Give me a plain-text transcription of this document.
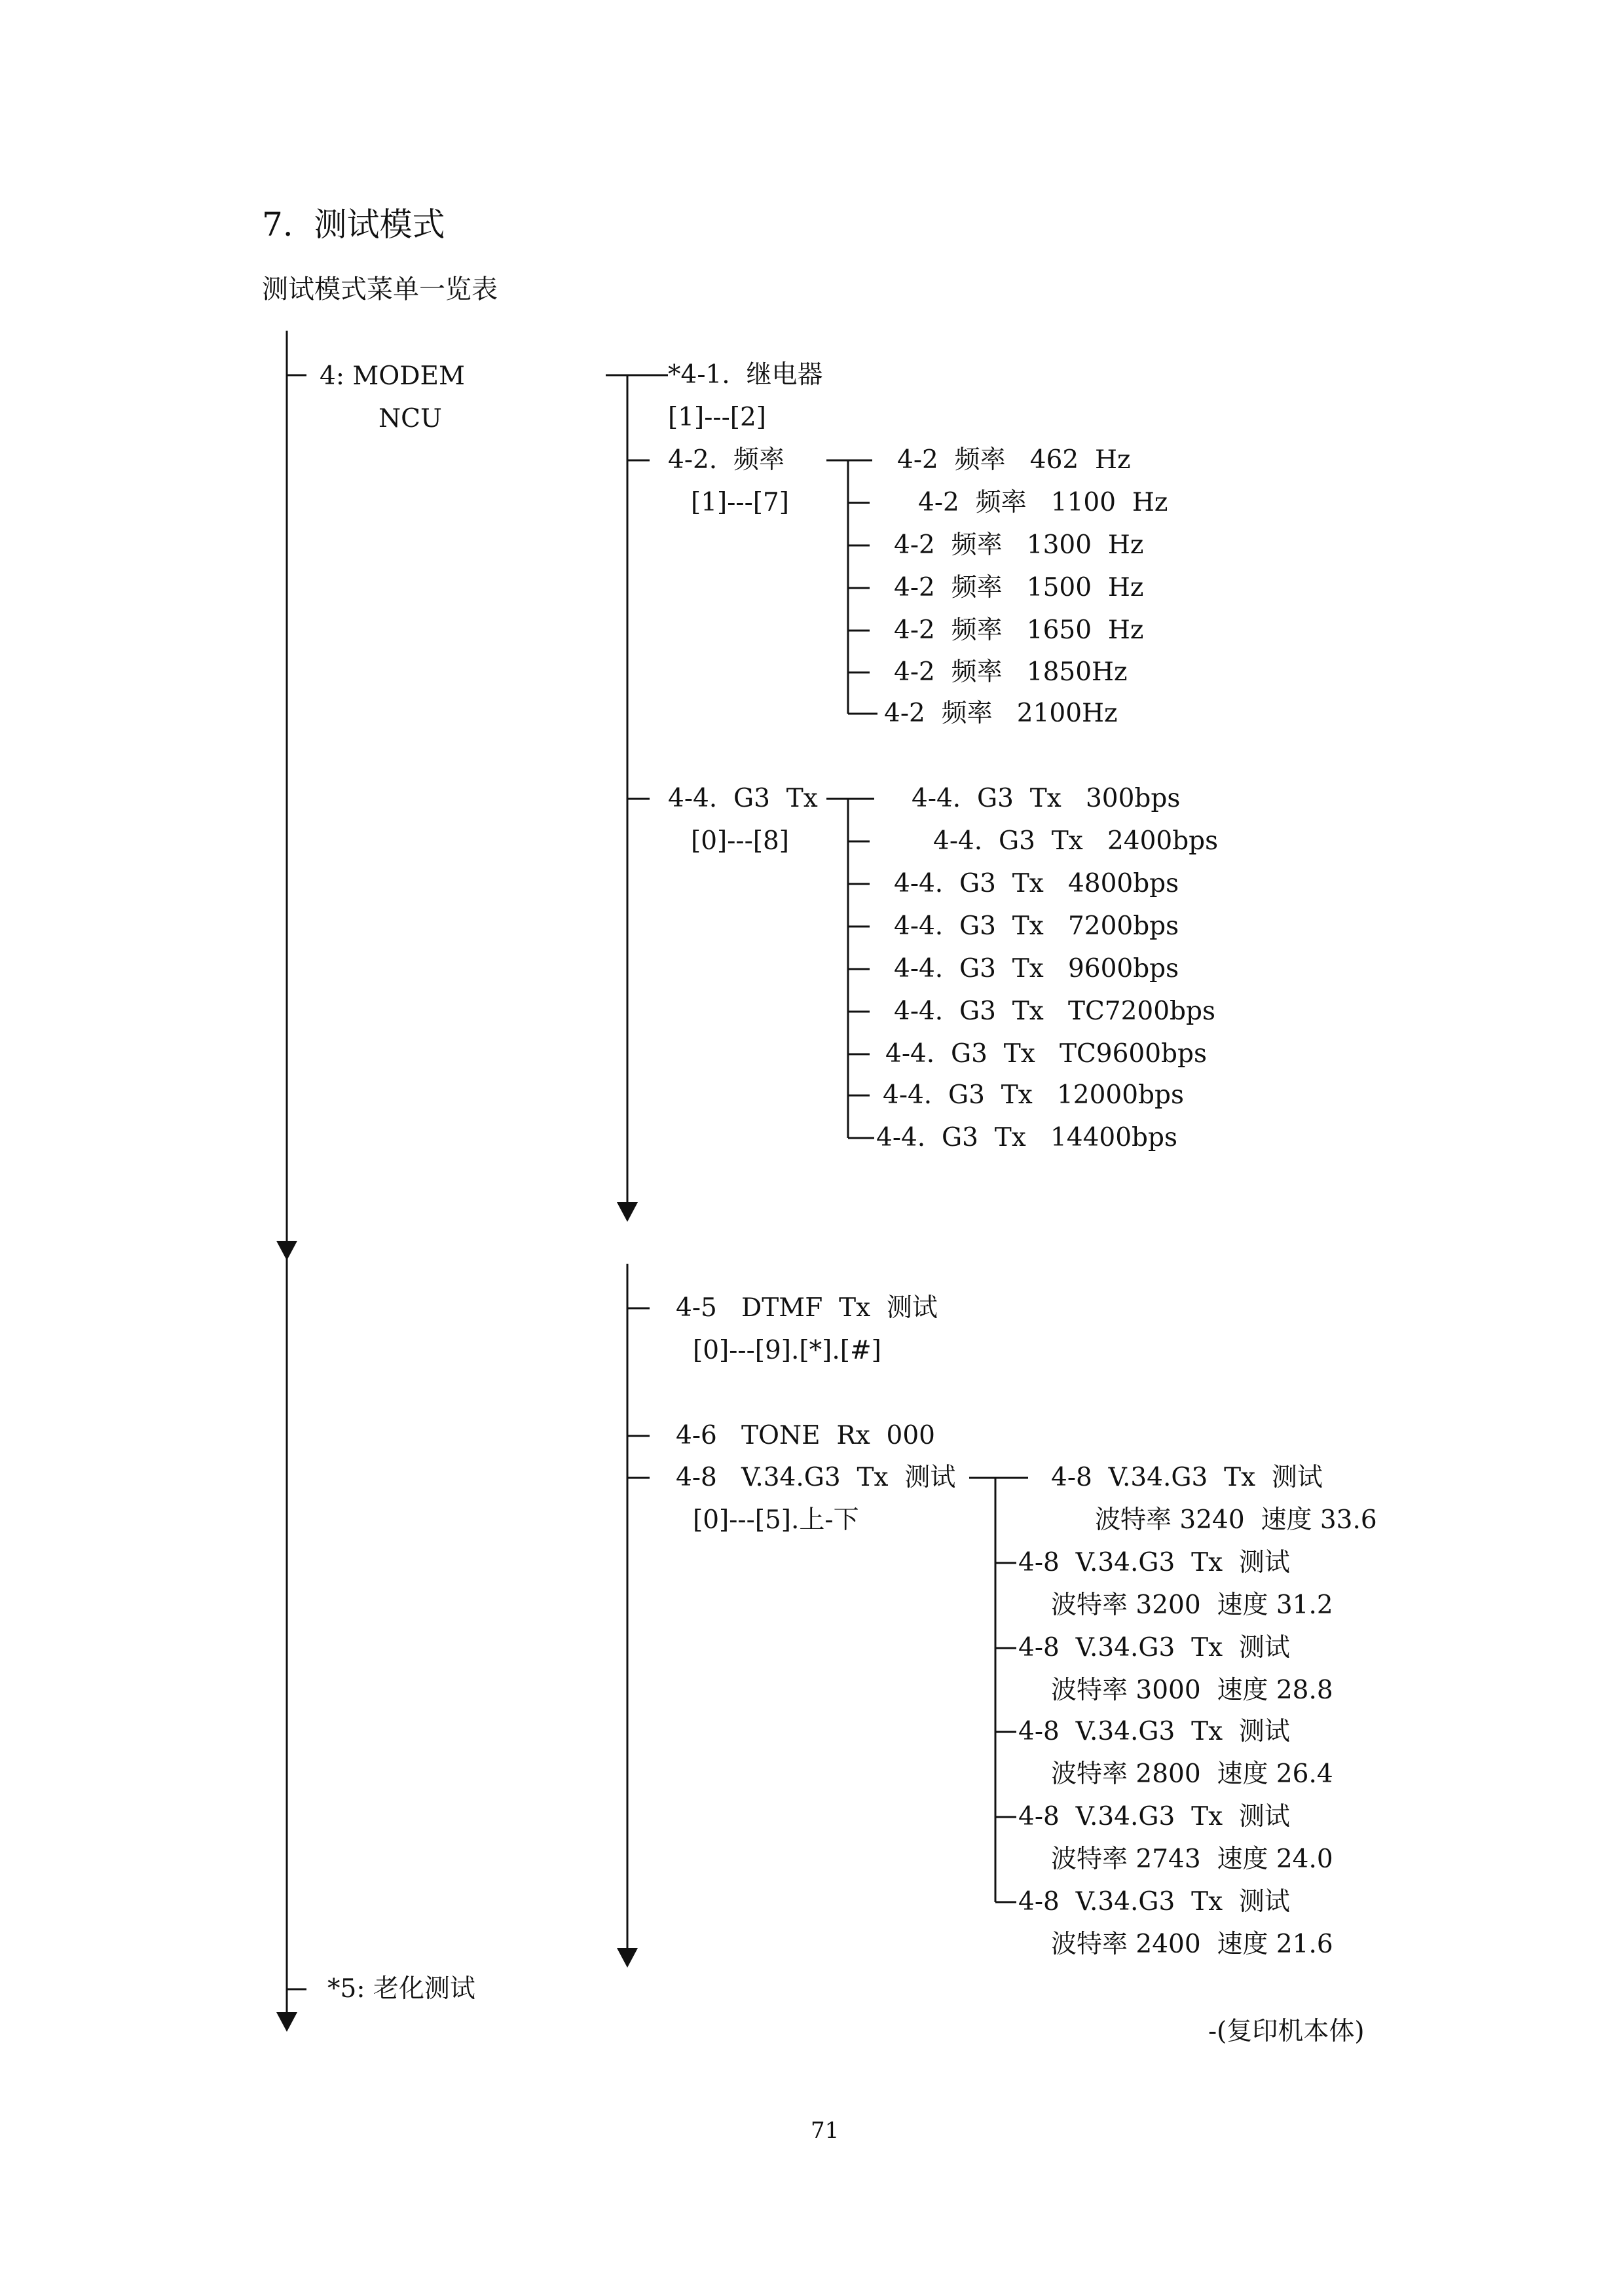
7.  测试模式
测试模式菜单一览表
4: MODEM
NCU
*5: 老化测试
*4-1.  继电器
[1]---[2]
4-2.  频率
[1]---[7]
4-2  频率   462  Hz
4-2  频率   1100  Hz
4-2  频率   1300  Hz
4-2  频率   1500  Hz
4-2  频率   1650  Hz
4-2  频率   1850Hz
4-2  频率   2100Hz
4-4.  G3  Tx
[0]---[8]
4-4.  G3  Tx   300bps
4-4.  G3  Tx   2400bps
4-4.  G3  Tx   4800bps
4-4.  G3  Tx   7200bps
4-4.  G3  Tx   9600bps
4-4.  G3  Tx   TC7200bps
4-4.  G3  Tx   TC9600bps
4-4.  G3  Tx   12000bps
4-4.  G3  Tx   14400bps
4-5   DTMF  Tx  测试
[0]---[9].[*].[#]
4-6   TONE  Rx  000
4-8   V.34.G3  Tx  测试
[0]---[5].上-下
4-8  V.34.G3  Tx  测试
波特率 3240  速度 33.6
4-8  V.34.G3  Tx  测试
波特率 3200  速度 31.2
4-8  V.34.G3  Tx  测试
波特率 3000  速度 28.8
4-8  V.34.G3  Tx  测试
波特率 2800  速度 26.4
4-8  V.34.G3  Tx  测试
波特率 2743  速度 24.0
4-8  V.34.G3  Tx  测试
波特率 2400  速度 21.6
-(复印机本体)
71
